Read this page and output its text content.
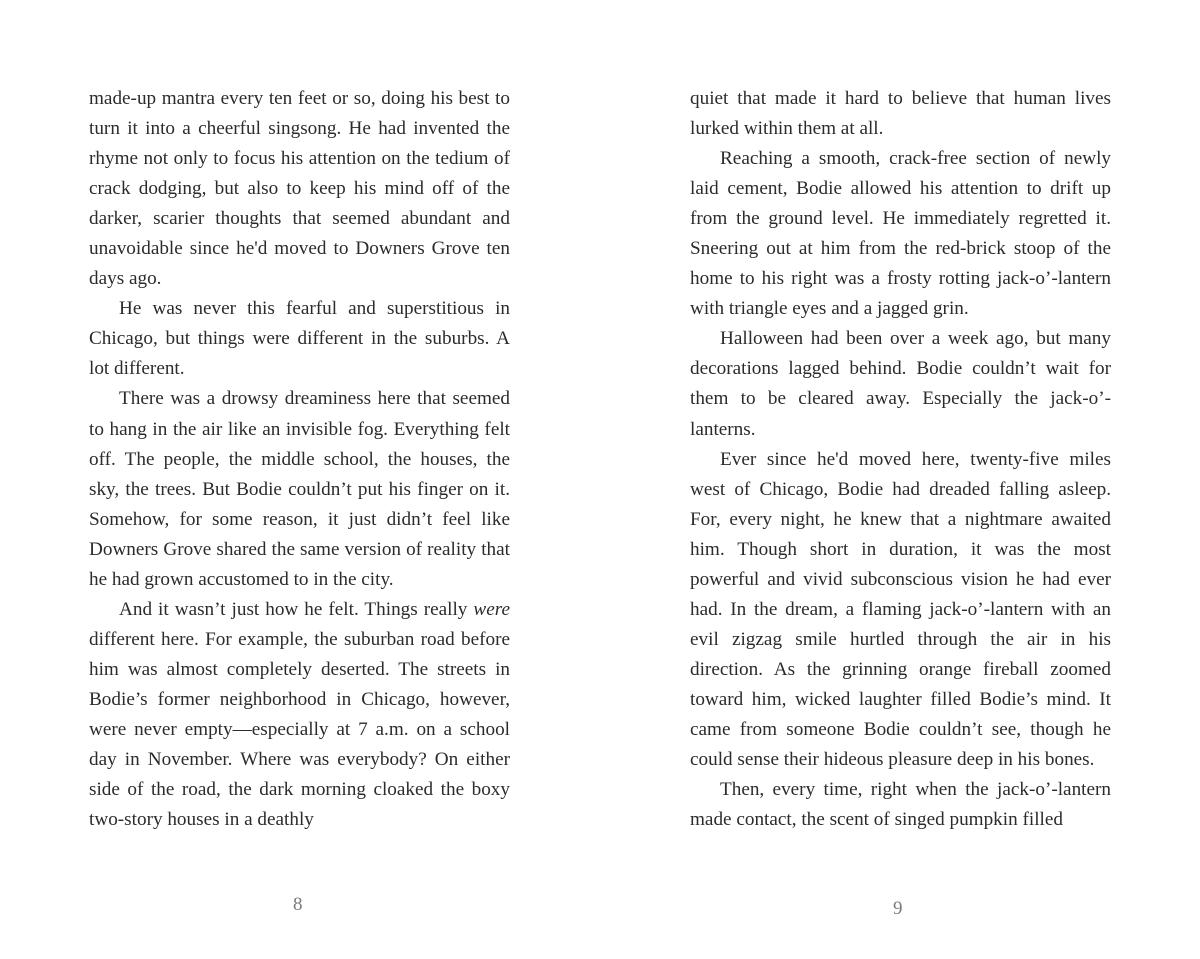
made-up mantra every ten feet or so, doing his best to turn it into a cheerful singsong. He had invented the rhyme not only to focus his attention on the tedium of crack dodging, but also to keep his mind off of the darker, scarier thoughts that seemed abundant and unavoidable since he'd moved to Downers Grove ten days ago.

He was never this fearful and superstitious in Chicago, but things were different in the suburbs. A lot different.

There was a drowsy dreaminess here that seemed to hang in the air like an invisible fog. Everything felt off. The people, the middle school, the houses, the sky, the trees. But Bodie couldn’t put his finger on it. Somehow, for some reason, it just didn’t feel like Downers Grove shared the same version of reality that he had grown accustomed to in the city.

And it wasn’t just how he felt. Things really were different here. For example, the suburban road before him was almost completely deserted. The streets in Bodie’s former neighborhood in Chicago, however, were never empty—especially at 7 a.m. on a school day in November. Where was everybody? On either side of the road, the dark morning cloaked the boxy two-story houses in a deathly

quiet that made it hard to believe that human lives lurked within them at all.

Reaching a smooth, crack-free section of newly laid cement, Bodie allowed his attention to drift up from the ground level. He immediately regretted it. Sneering out at him from the red-brick stoop of the home to his right was a frosty rotting jack-o’-lantern with triangle eyes and a jagged grin.

Halloween had been over a week ago, but many decorations lagged behind. Bodie couldn’t wait for them to be cleared away. Especially the jack-o’-lanterns.

Ever since he'd moved here, twenty-five miles west of Chicago, Bodie had dreaded falling asleep. For, every night, he knew that a nightmare awaited him. Though short in duration, it was the most powerful and vivid subconscious vision he had ever had. In the dream, a flaming jack-o’-lantern with an evil zigzag smile hurtled through the air in his direction. As the grinning orange fireball zoomed toward him, wicked laughter filled Bodie’s mind. It came from someone Bodie couldn’t see, though he could sense their hideous pleasure deep in his bones.

Then, every time, right when the jack-o’-lantern made contact, the scent of singed pumpkin filled

8	9
